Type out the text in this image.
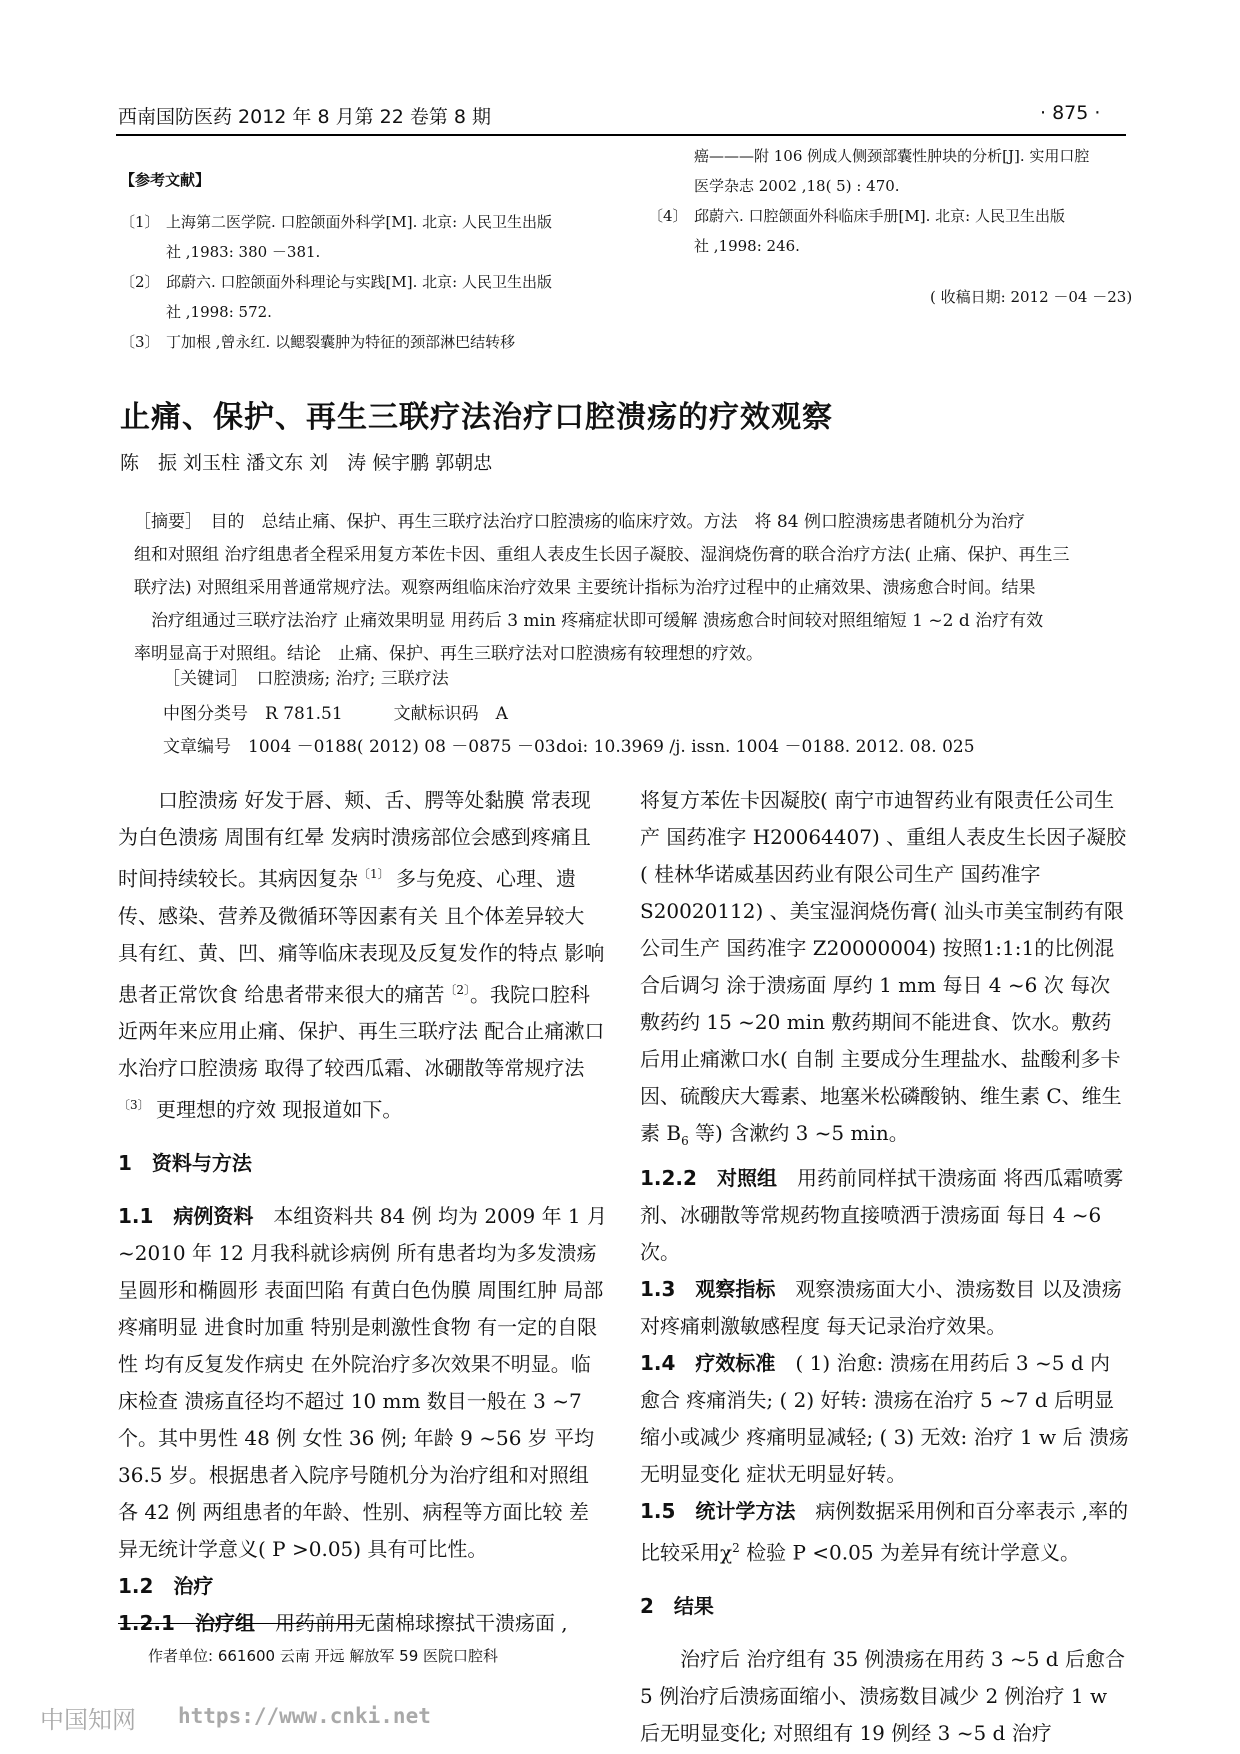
西南国防医药 2012 年 8 月第 22 卷第 8 期	· 875 ·
【参考文献】
〔1〕 上海第二医学院. 口腔颌面外科学[M]. 北京: 人民卫生出版
社 ,1983: 380 －381.
〔2〕 邱蔚六. 口腔颌面外科理论与实践[M]. 北京: 人民卫生出版
社 ,1998: 572.
〔3〕 丁加根 ,曾永红. 以鳃裂囊肿为特征的颈部淋巴结转移
癌———附 106 例成人侧颈部囊性肿块的分析[J]. 实用口腔
医学杂志 2002 ,18( 5) : 470.
〔4〕 邱蔚六. 口腔颌面外科临床手册[M]. 北京: 人民卫生出版
社 ,1998: 246.
( 收稿日期: 2012 －04 －23)
止痛、保护、再生三联疗法治疗口腔溃疡的疗效观察
陈　振 刘玉柱 潘文东 刘　涛 候宇鹏 郭朝忠
［摘要］　目的　总结止痛、保护、再生三联疗法治疗口腔溃疡的临床疗效。方法　将 84 例口腔溃疡患者随机分为治疗
组和对照组 治疗组患者全程采用复方苯佐卡因、重组人表皮生长因子凝胶、湿润烧伤膏的联合治疗方法( 止痛、保护、再生三
联疗法) 对照组采用普通常规疗法。观察两组临床治疗效果 主要统计指标为治疗过程中的止痛效果、溃疡愈合时间。结果
　治疗组通过三联疗法治疗 止痛效果明显 用药后 3 min 疼痛症状即可缓解 溃疡愈合时间较对照组缩短 1 ~2 d 治疗有效
率明显高于对照组。结论　止痛、保护、再生三联疗法对口腔溃疡有较理想的疗效。
［关键词］　口腔溃疡; 治疗; 三联疗法
中图分类号　R 781.51　　　文献标识码　A
文章编号　1004 －0188( 2012) 08 －0875 －03 doi: 10.3969 /j. issn. 1004 －0188. 2012. 08. 025

口腔溃疡 好发于唇、颊、舌、腭等处黏膜 常表现为白色溃疡 周围有红晕 发病时溃疡部位会感到疼痛且时间持续较长。其病因复杂$^{〔1〕}$ 多与免疫、心理、遗传、感染、营养及微循环等因素有关 且个体差异较大 具有红、黄、凹、痛等临床表现及反复发作的特点 影响患者正常饮食 给患者带来很大的痛苦$^{〔2〕}$。我院口腔科近两年来应用止痛、保护、再生三联疗法 配合止痛漱口水治疗口腔溃疡 取得了较西瓜霜、冰硼散等常规疗法$^{〔3〕}$ 更理想的疗效 现报道如下。

1　资料与方法

1.1　病例资料　本组资料共 84 例 均为 2009 年 1 月 ~2010 年 12 月我科就诊病例 所有患者均为多发溃疡 呈圆形和椭圆形 表面凹陷 有黄白色伪膜 周围红肿 局部疼痛明显 进食时加重 特别是刺激性食物 有一定的自限性 均有反复发作病史 在外院治疗多次效果不明显。临床检查 溃疡直径均不超过 10 mm 数目一般在 3 ~7 个。其中男性 48 例 女性 36 例; 年龄 9 ~56 岁 平均 36.5 岁。根据患者入院序号随机分为治疗组和对照组各 42 例 两组患者的年龄、性别、病程等方面比较 差异无统计学意义( P >0.05) 具有可比性。

1.2　治疗

1.2.1　治疗组　用药前用无菌棉球擦拭干溃疡面 ,

将复方苯佐卡因凝胶( 南宁市迪智药业有限责任公司生产 国药准字 H20064407) 、重组人表皮生长因子凝胶( 桂林华诺威基因药业有限公司生产 国药准字 S20020112) 、美宝湿润烧伤膏( 汕头市美宝制药有限公司生产 国药准字 Z20000004) 按照1:1:1的比例混合后调匀 涂于溃疡面 厚约 1 mm 每日 4 ~6 次 每次敷药约 15 ~20 min 敷药期间不能进食、饮水。敷药后用止痛漱口水( 自制 主要成分生理盐水、盐酸利多卡因、硫酸庆大霉素、地塞米松磷酸钠、维生素 C、维生素 $B_6$ 等) 含漱约 3 ~5 min。

1.2.2　对照组　用药前同样拭干溃疡面 将西瓜霜喷雾剂、冰硼散等常规药物直接喷洒于溃疡面 每日 4 ~6 次。

1.3　观察指标　观察溃疡面大小、溃疡数目 以及溃疡对疼痛刺激敏感程度 每天记录治疗效果。

1.4　疗效标准　( 1) 治愈: 溃疡在用药后 3 ~5 d 内愈合 疼痛消失; ( 2) 好转: 溃疡在治疗 5 ~7 d 后明显缩小或减少 疼痛明显减轻; ( 3) 无效: 治疗 1 w 后 溃疡无明显变化 症状无明显好转。

1.5　统计学方法　病例数据采用例和百分率表示 ,率的比较采用$\chi^2$ 检验 P <0.05 为差异有统计学意义。

2　结果

治疗后 治疗组有 35 例溃疡在用药 3 ~5 d 后愈合 5 例治疗后溃疡面缩小、溃疡数目减少 2 例治疗 1 w 后无明显变化; 对照组有 19 例经 3 ~5 d 治疗

作者单位: 661600 云南 开远 解放军 59 医院口腔科
中国知网 https://www.cnki.net
